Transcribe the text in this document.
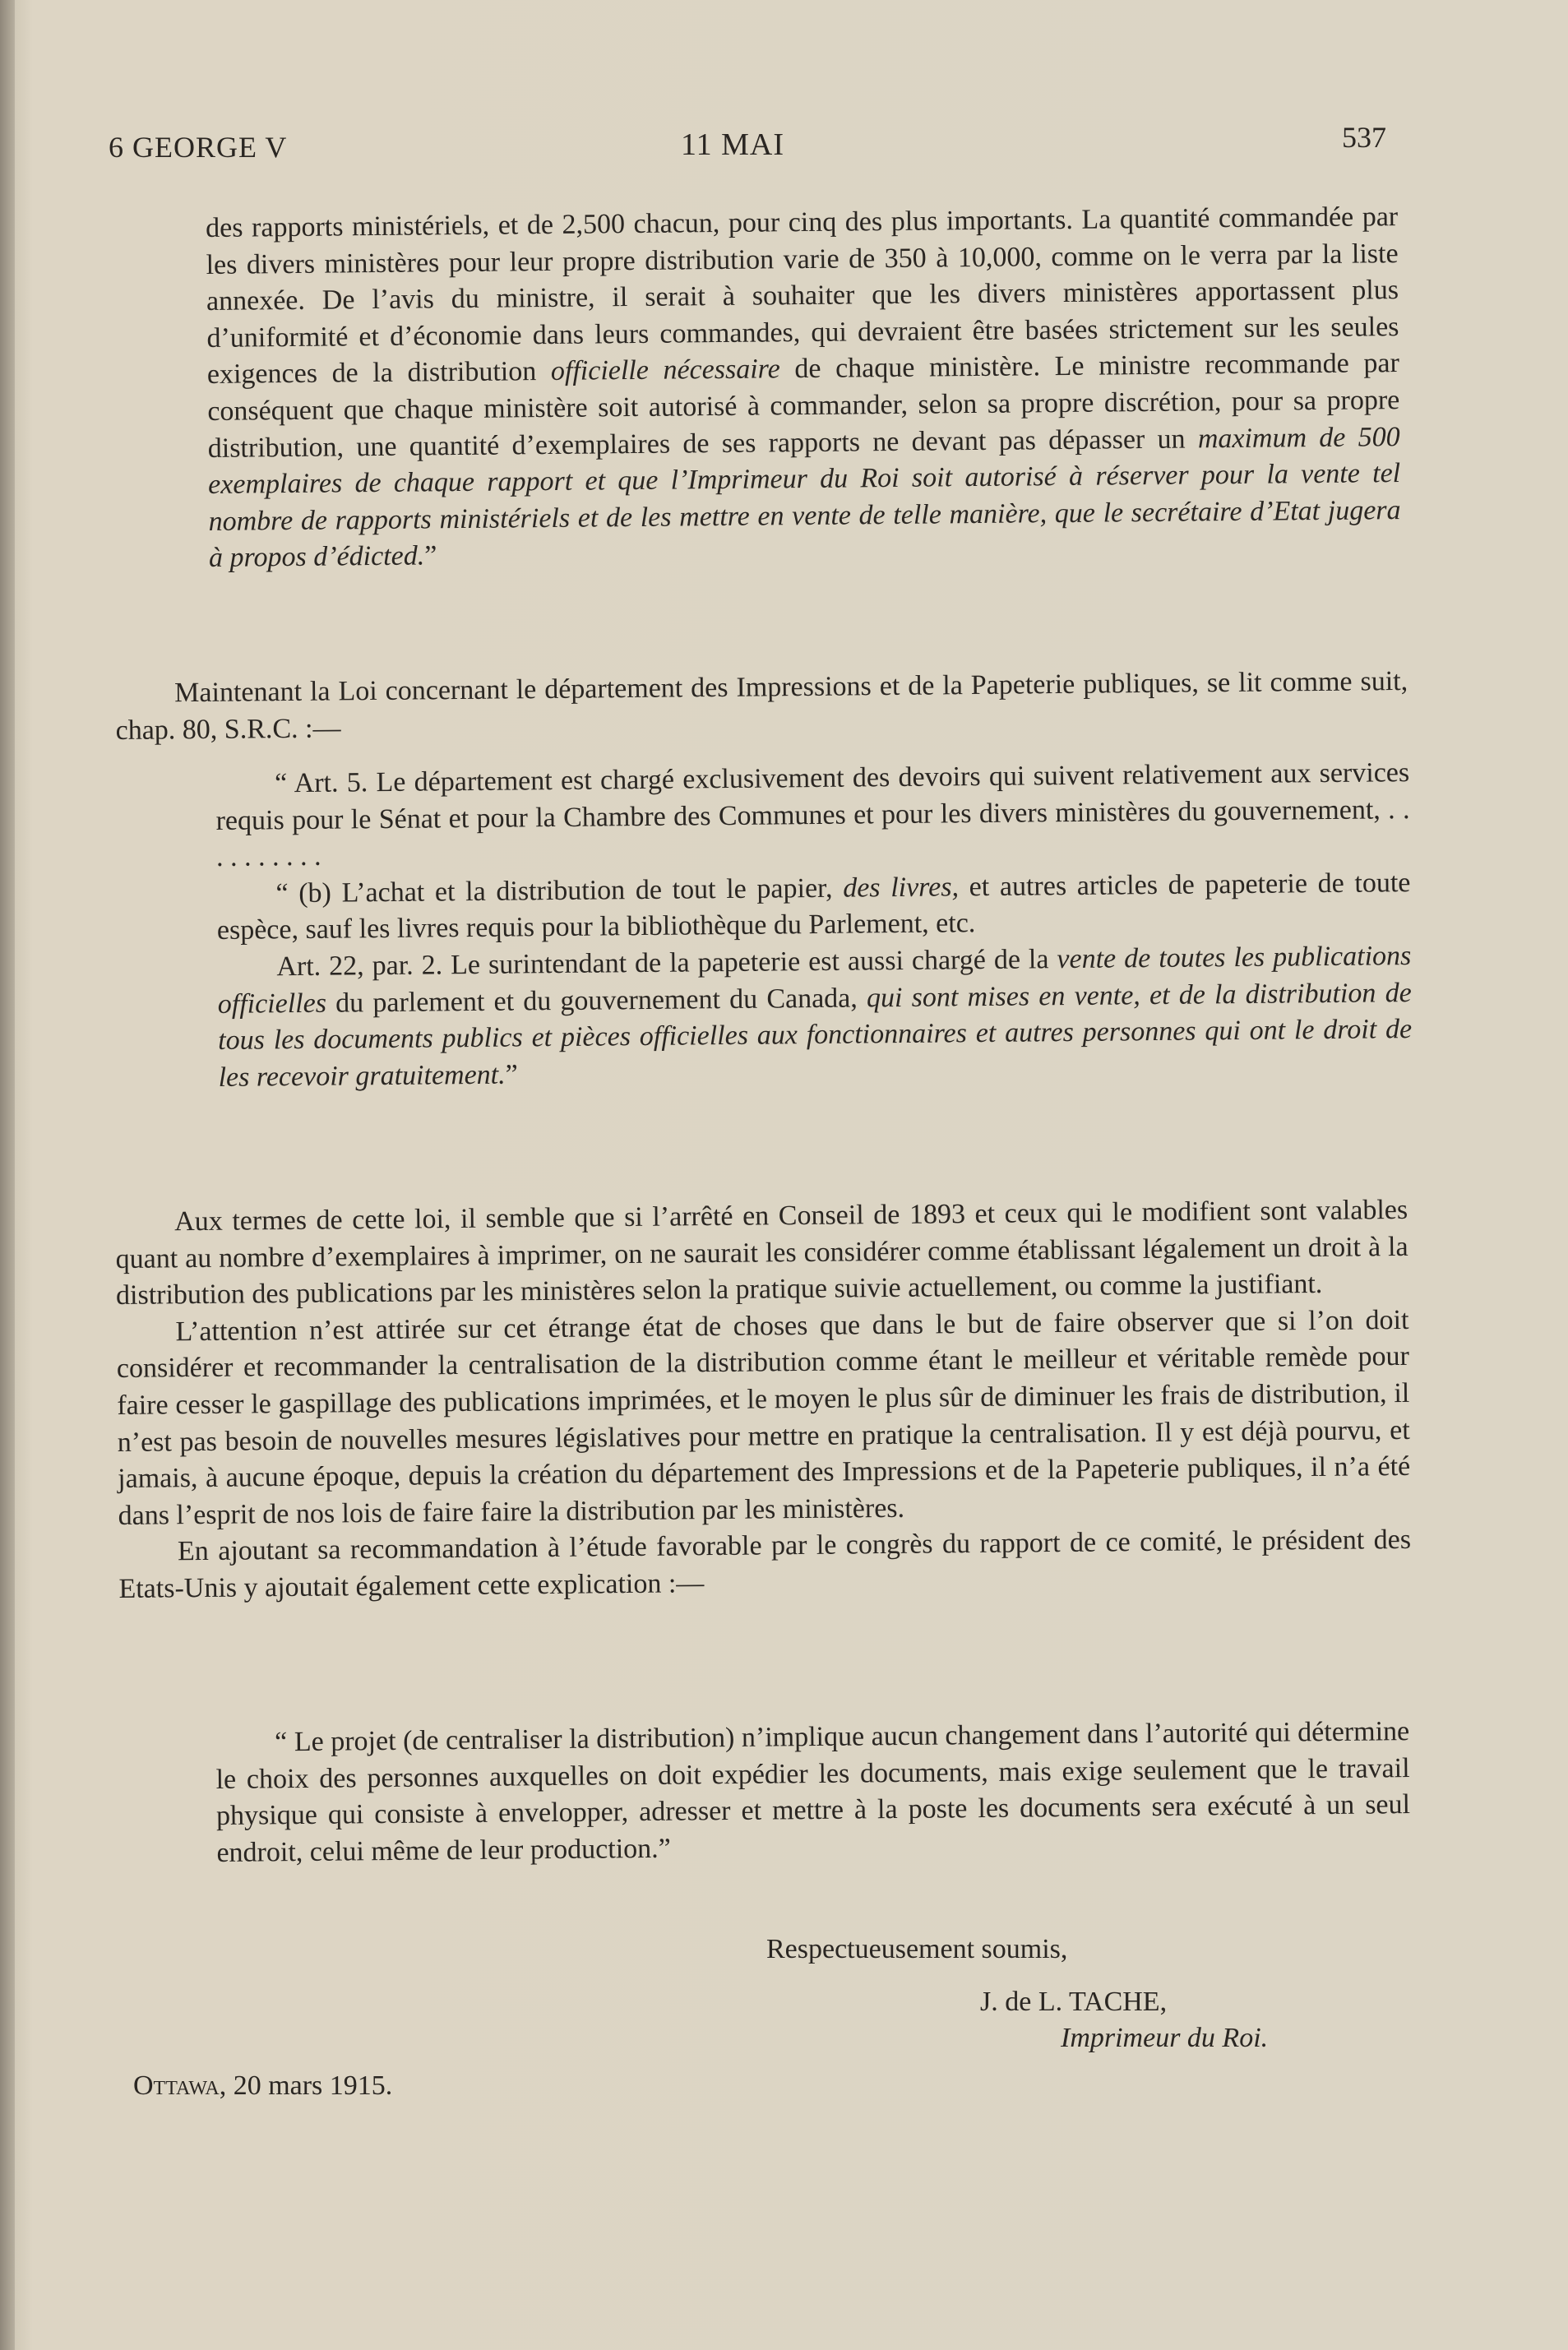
6 GEORGE V	11 MAI	537

des rapports ministériels, et de 2,500 chacun, pour cinq des plus importants. La quantité commandée par les divers ministères pour leur propre distribution varie de 350 à 10,000, comme on le verra par la liste annexée. De l’avis du ministre, il serait à souhaiter que les divers ministères apportassent plus d’uniformité et d’économie dans leurs commandes, qui devraient être basées strictement sur les seules exigences de la distribution officielle nécessaire de chaque ministère. Le ministre recommande par conséquent que chaque ministère soit autorisé à commander, selon sa propre discrétion, pour sa propre distribution, une quantité d’exemplaires de ses rapports ne devant pas dépasser un maximum de 500 exemplaires de chaque rapport et que l’Imprimeur du Roi soit autorisé à réserver pour la vente tel nombre de rapports ministériels et de les mettre en vente de telle manière, que le secrétaire d’Etat jugera à propos d’édicted.”

Maintenant la Loi concernant le département des Impressions et de la Papeterie publiques, se lit comme suit, chap. 80, S.R.C. :—

“ Art. 5. Le département est chargé exclusivement des devoirs qui suivent relativement aux services requis pour le Sénat et pour la Chambre des Communes et pour les divers ministères du gouvernement, . . . . . . . . . .

“ (b) L’achat et la distribution de tout le papier, des livres, et autres articles de papeterie de toute espèce, sauf les livres requis pour la bibliothèque du Parlement, etc.

Art. 22, par. 2. Le surintendant de la papeterie est aussi chargé de la vente de toutes les publications officielles du parlement et du gouvernement du Canada, qui sont mises en vente, et de la distribution de tous les documents publics et pièces officielles aux fonctionnaires et autres personnes qui ont le droit de les recevoir gratuitement.”

Aux termes de cette loi, il semble que si l’arrêté en Conseil de 1893 et ceux qui le modifient sont valables quant au nombre d’exemplaires à imprimer, on ne saurait les considérer comme établissant légalement un droit à la distribution des publications par les ministères selon la pratique suivie actuellement, ou comme la justifiant.

L’attention n’est attirée sur cet étrange état de choses que dans le but de faire observer que si l’on doit considérer et recommander la centralisation de la distribution comme étant le meilleur et véritable remède pour faire cesser le gaspillage des publications imprimées, et le moyen le plus sûr de diminuer les frais de distribution, il n’est pas besoin de nouvelles mesures législatives pour mettre en pratique la centralisation. Il y est déjà pourvu, et jamais, à aucune époque, depuis la création du département des Impressions et de la Papeterie publiques, il n’a été dans l’esprit de nos lois de faire faire la distribution par les ministères.

En ajoutant sa recommandation à l’étude favorable par le congrès du rapport de ce comité, le président des Etats-Unis y ajoutait également cette explication :—

“ Le projet (de centraliser la distribution) n’implique aucun changement dans l’autorité qui détermine le choix des personnes auxquelles on doit expédier les documents, mais exige seulement que le travail physique qui consiste à envelopper, adresser et mettre à la poste les documents sera exécuté à un seul endroit, celui même de leur production.”

Respectueusement soumis,
J. de L. TACHE,
Imprimeur du Roi.
Ottawa, 20 mars 1915.
